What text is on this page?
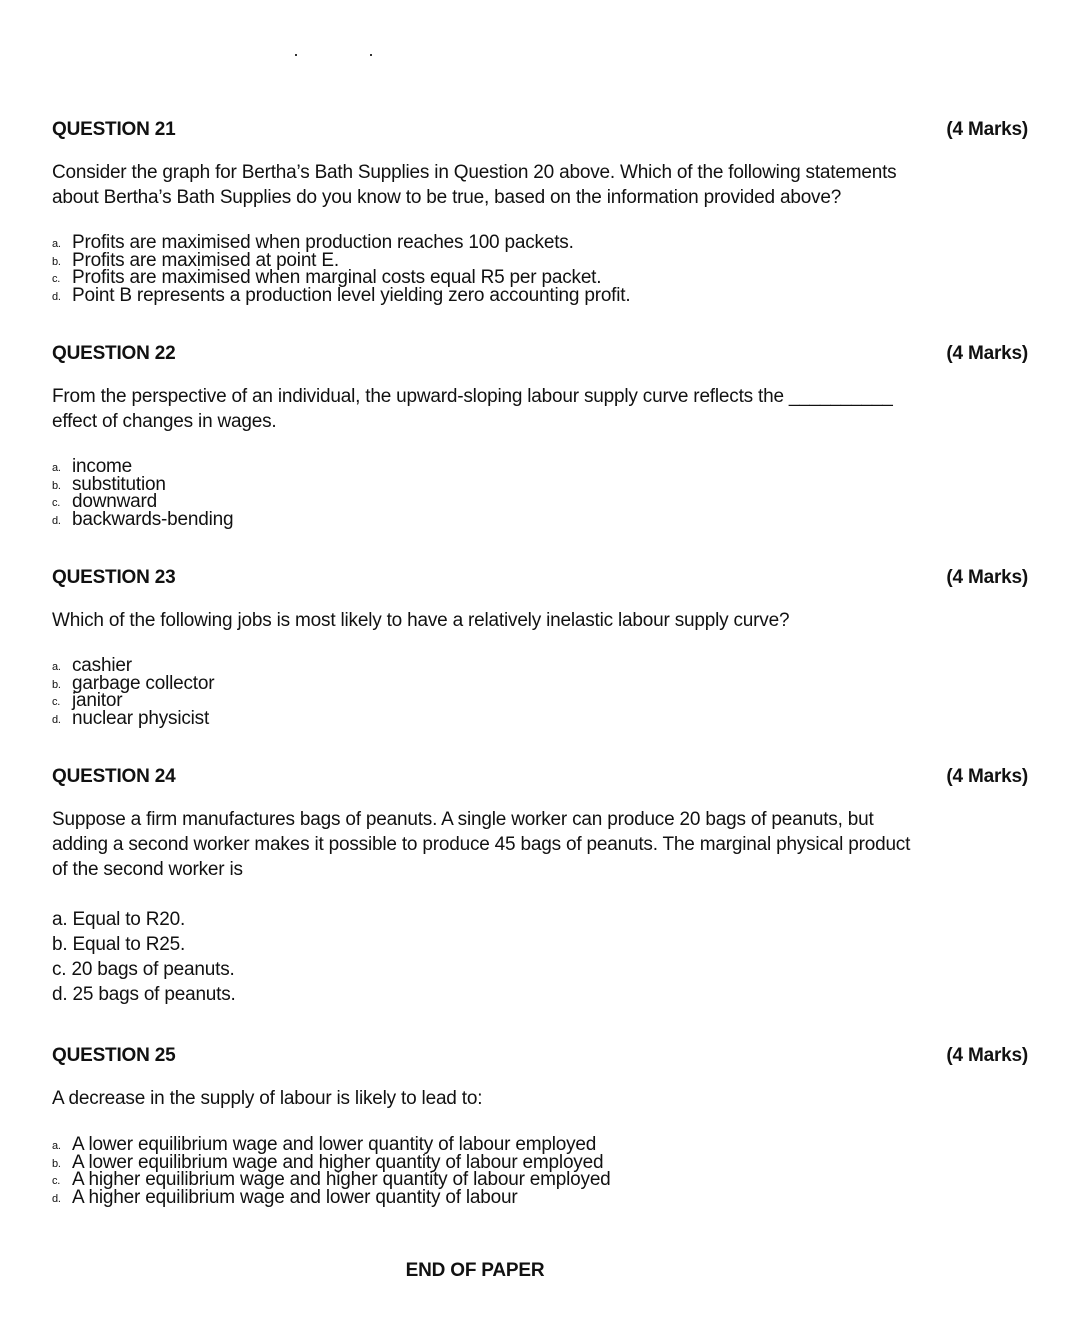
QUESTION 21	(4 Marks)

Consider the graph for Bertha’s Bath Supplies in Question 20 above. Which of the following statements about Bertha’s Bath Supplies do you know to be true, based on the information provided above?

a. Profits are maximised when production reaches 100 packets.
b. Profits are maximised at point E.
c. Profits are maximised when marginal costs equal R5 per packet.
d. Point B represents a production level yielding zero accounting profit.
QUESTION 22	(4 Marks)

From the perspective of an individual, the upward-sloping labour supply curve reflects the __________ effect of changes in wages.

a. income
b. substitution
c. downward
d. backwards-bending
QUESTION 23	(4 Marks)

Which of the following jobs is most likely to have a relatively inelastic labour supply curve?

a. cashier
b. garbage collector
c. janitor
d. nuclear physicist
QUESTION 24	(4 Marks)

Suppose a firm manufactures bags of peanuts. A single worker can produce 20 bags of peanuts, but adding a second worker makes it possible to produce 45 bags of peanuts. The marginal physical product of the second worker is

a. Equal to R20.
b. Equal to R25.
c. 20 bags of peanuts.
d. 25 bags of peanuts.
QUESTION 25	(4 Marks)

A decrease in the supply of labour is likely to lead to:

a. A lower equilibrium wage and lower quantity of labour employed
b. A lower equilibrium wage and higher quantity of labour employed
c. A higher equilibrium wage and higher quantity of labour employed
d. A higher equilibrium wage and lower quantity of labour
END OF PAPER
